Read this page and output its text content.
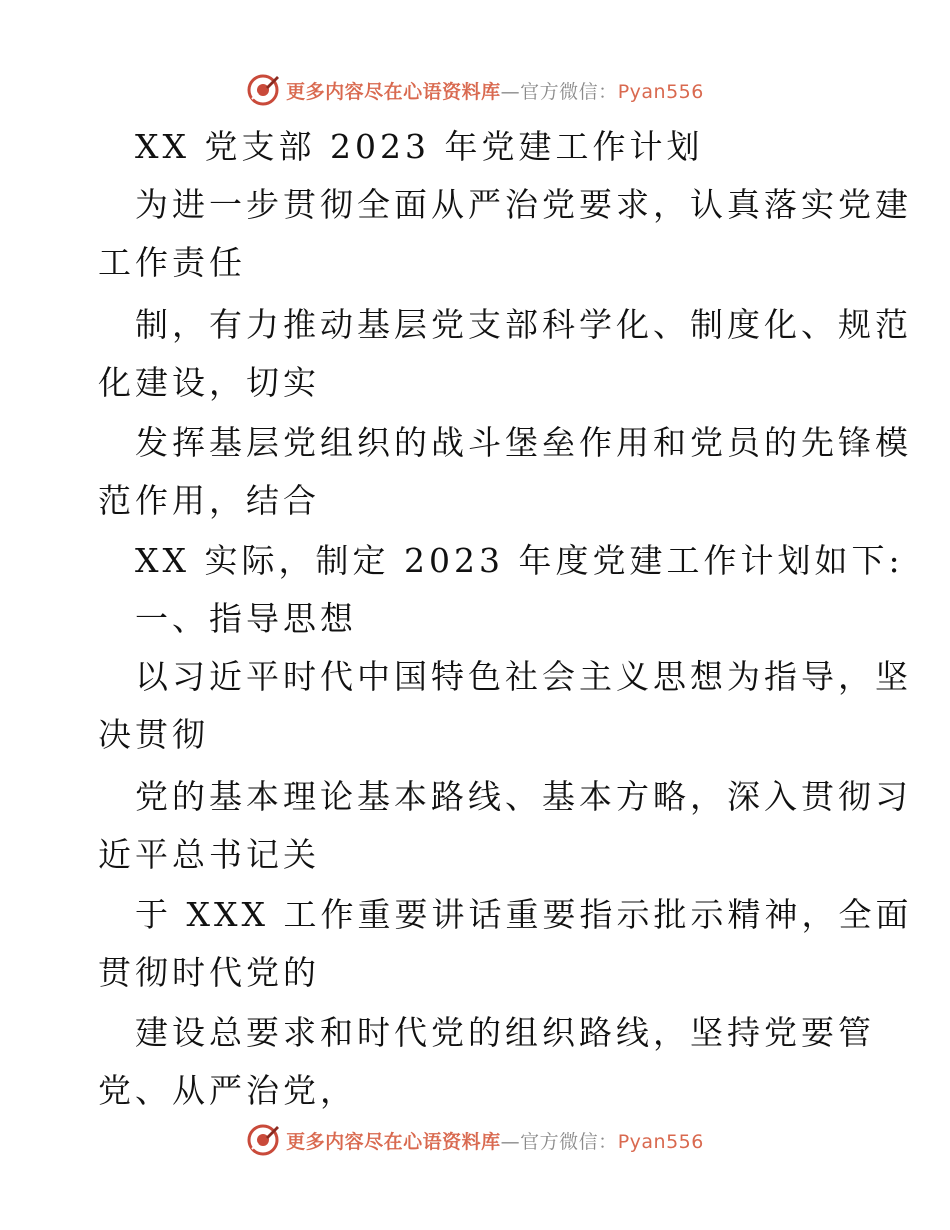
更多内容尽在心语资料库—官方微信：Pyan556
XX 党支部 2023 年党建工作计划
为进一步贯彻全面从严治党要求，认真落实党建
工作责任
制，有力推动基层党支部科学化、制度化、规范
化建设，切实
发挥基层党组织的战斗堡垒作用和党员的先锋模
范作用，结合
XX 实际，制定 2023 年度党建工作计划如下:
一、指导思想
以习近平时代中国特色社会主义思想为指导，坚
决贯彻
党的基本理论基本路线、基本方略，深入贯彻习
近平总书记关
于 XXX 工作重要讲话重要指示批示精神，全面
贯彻时代党的
建设总要求和时代党的组织路线，坚持党要管
党、从严治党，
更多内容尽在心语资料库—官方微信：Pyan556
